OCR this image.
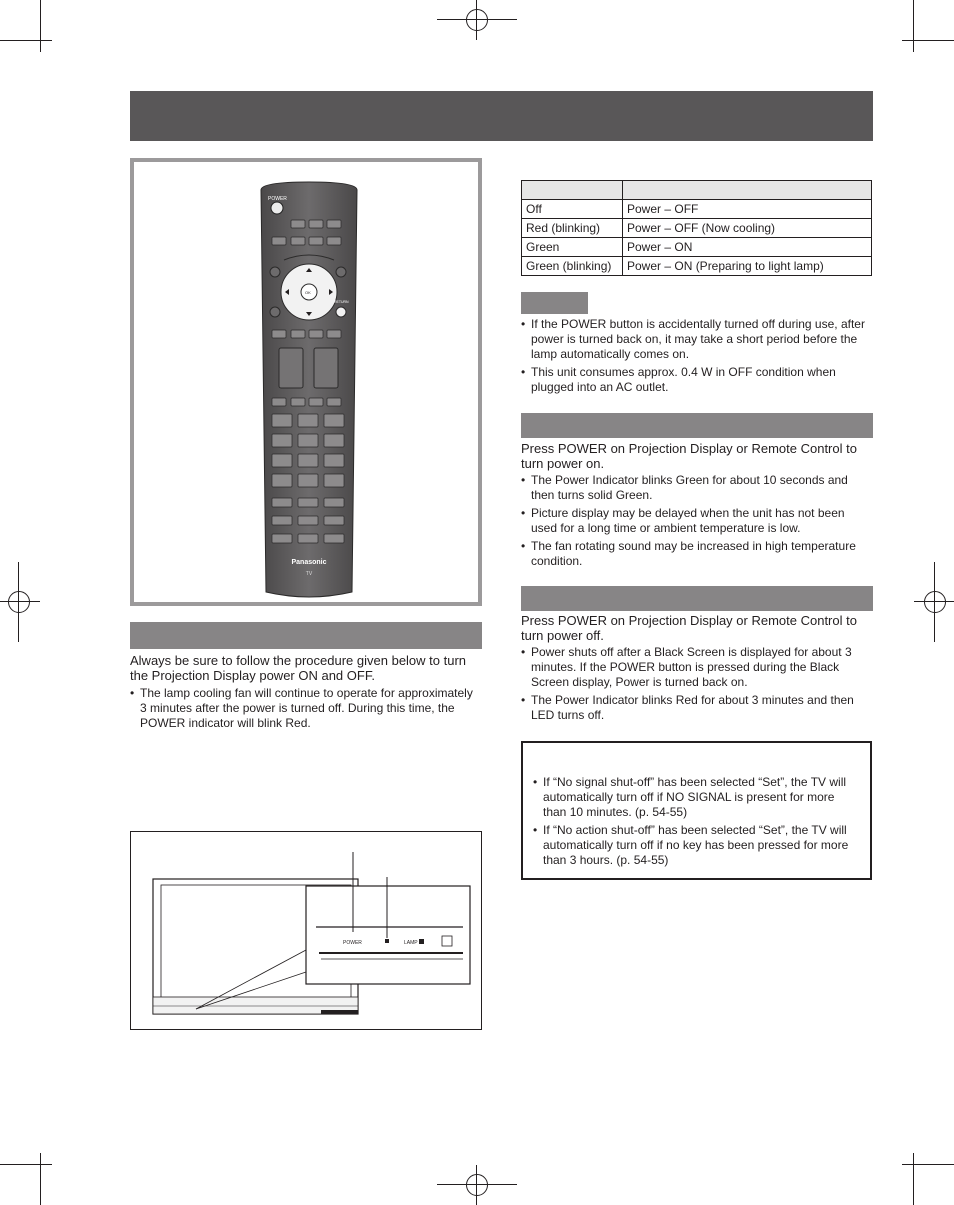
POWER
OK
RETURN
Panasonic
TV
Always be sure to follow the procedure given below to turn the Projection Display power ON and OFF.
• The lamp cooling fan will continue to operate for approximately 3 minutes after the power is turned off. During this time, the POWER indicator will blink Red.
POWER	LAMP

Off	Power – OFF
Red (blinking)	Power – OFF (Now cooling)
Green	Power – ON
Green (blinking)	Power – ON (Preparing to light lamp)
• If the POWER button is accidentally turned off during use, after power is turned back on, it may take a short period before the lamp automatically comes on.
• This unit consumes approx. 0.4 W in OFF condition when plugged into an AC outlet.
Press POWER on Projection Display or Remote Control to turn power on.
• The Power Indicator blinks Green for about 10 seconds and then turns solid Green.
• Picture display may be delayed when the unit has not been used for a long time or ambient temperature is low.
• The fan rotating sound may be increased in high temperature condition.
Press POWER on Projection Display or Remote Control to turn power off.
• Power shuts off after a Black Screen is displayed for about 3 minutes. If the POWER button is pressed during the Black Screen display, Power is turned back on.
• The Power Indicator blinks Red for about 3 minutes and then LED turns off.
• If “No signal shut-off” has been selected “Set”, the TV will automatically turn off if NO SIGNAL is present for more than 10 minutes. (p. 54-55)
• If “No action shut-off” has been selected “Set”, the TV will automatically turn off if no key has been pressed for more than 3 hours. (p. 54-55)
